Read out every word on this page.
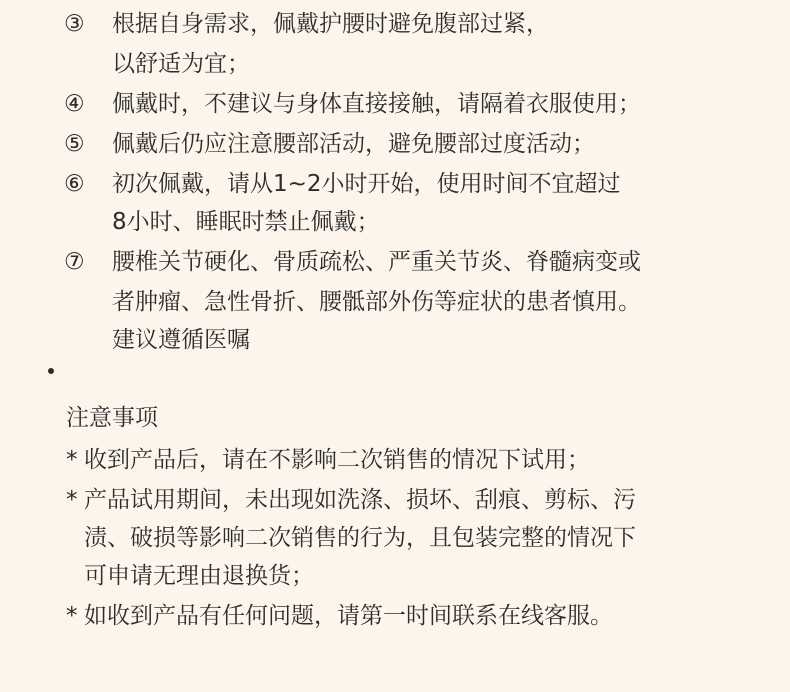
③	根据自身需求，佩戴护腰时避免腹部过紧，
以舒适为宜；
④	佩戴时，不建议与身体直接接触，请隔着衣服使用；
⑤	佩戴后仍应注意腰部活动，避免腰部过度活动；
⑥	初次佩戴，请从1~2小时开始，使用时间不宜超过
8小时、睡眠时禁止佩戴；
⑦	腰椎关节硬化、骨质疏松、严重关节炎、脊髓病变或
者肿瘤、急性骨折、腰骶部外伤等症状的患者慎用。
建议遵循医嘱
注意事项
* 收到产品后，请在不影响二次销售的情况下试用；
* 产品试用期间，未出现如洗涤、损坏、刮痕、剪标、污
渍、破损等影响二次销售的行为，且包装完整的情况下
可申请无理由退换货；
* 如收到产品有任何问题，请第一时间联系在线客服。
